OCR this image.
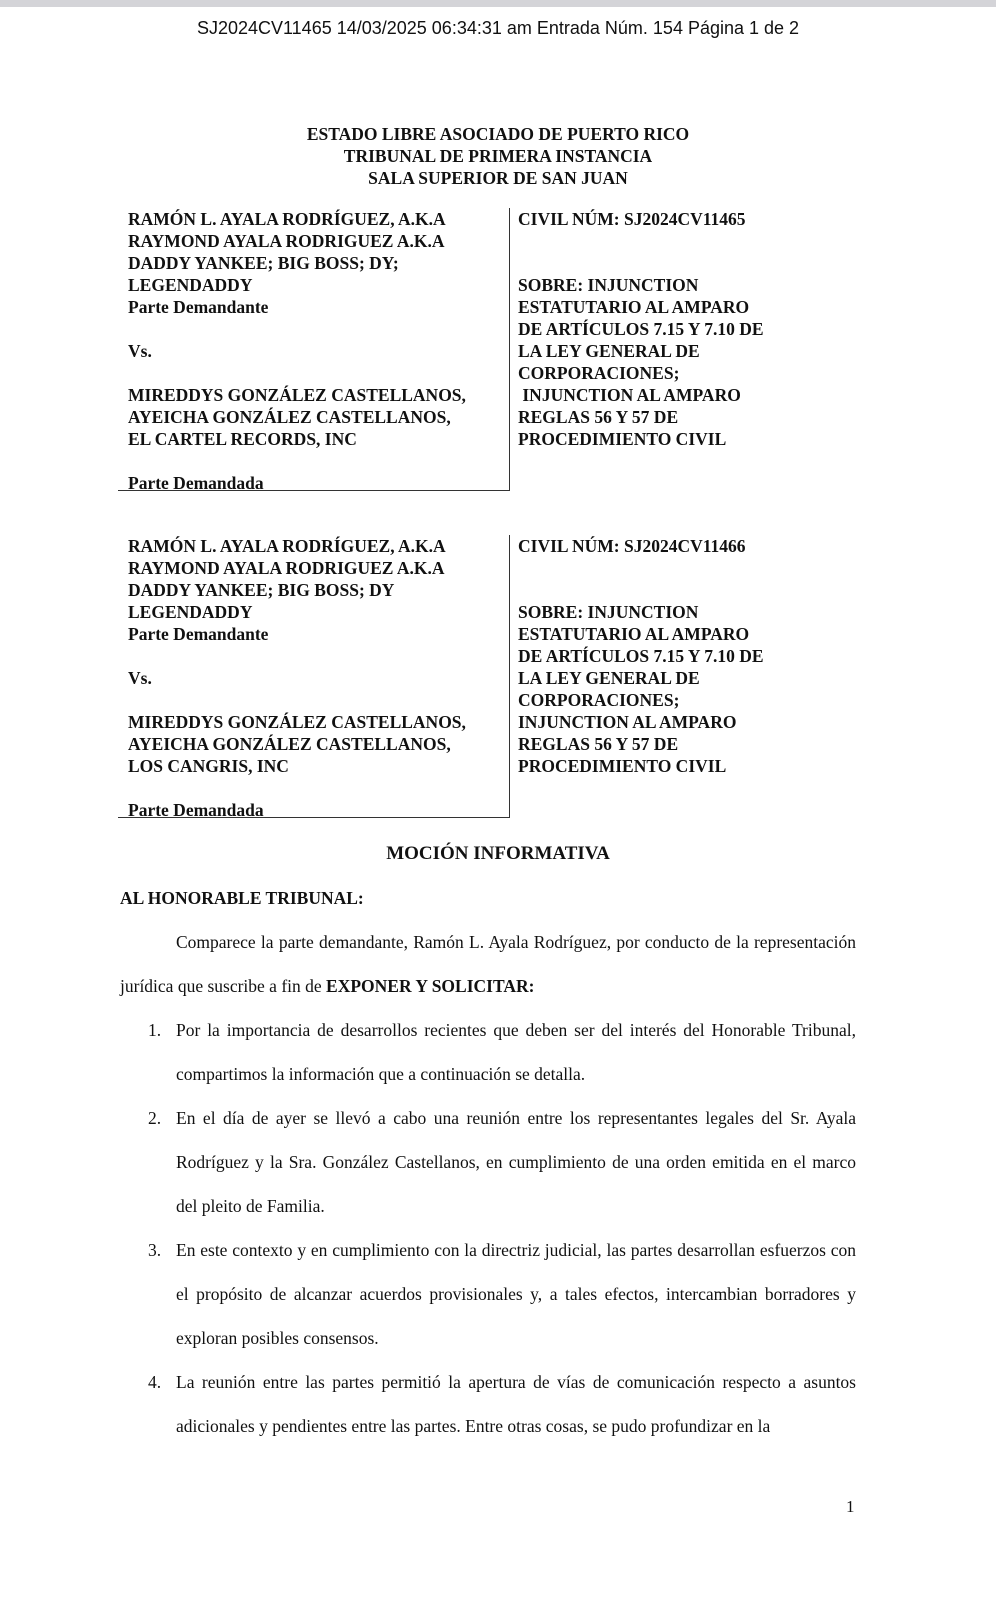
SJ2024CV11465 14/03/2025 06:34:31 am Entrada Núm. 154 Página 1 de 2
ESTADO LIBRE ASOCIADO DE PUERTO RICO
TRIBUNAL DE PRIMERA INSTANCIA
SALA SUPERIOR DE SAN JUAN
RAMÓN L. AYALA RODRÍGUEZ, A.K.A
RAYMOND AYALA RODRIGUEZ A.K.A
DADDY YANKEE; BIG BOSS; DY;
LEGENDADDY
Parte Demandante
Vs.
MIREDDYS GONZÁLEZ CASTELLANOS,
AYEICHA GONZÁLEZ CASTELLANOS,
EL CARTEL RECORDS, INC
Parte Demandada
CIVIL NÚM: SJ2024CV11465
SOBRE: INJUNCTION
ESTATUTARIO AL AMPARO
DE ARTÍCULOS 7.15 Y 7.10 DE
LA LEY GENERAL DE
CORPORACIONES;
INJUNCTION AL AMPARO
REGLAS 56 Y 57 DE
PROCEDIMIENTO CIVIL
RAMÓN L. AYALA RODRÍGUEZ, A.K.A
RAYMOND AYALA RODRIGUEZ A.K.A
DADDY YANKEE; BIG BOSS; DY
LEGENDADDY
Parte Demandante
Vs.
MIREDDYS GONZÁLEZ CASTELLANOS,
AYEICHA GONZÁLEZ CASTELLANOS,
LOS CANGRIS, INC
Parte Demandada
CIVIL NÚM: SJ2024CV11466
SOBRE: INJUNCTION
ESTATUTARIO AL AMPARO
DE ARTÍCULOS 7.15 Y 7.10 DE
LA LEY GENERAL DE
CORPORACIONES;
INJUNCTION AL AMPARO
REGLAS 56 Y 57 DE
PROCEDIMIENTO CIVIL
MOCIÓN INFORMATIVA
AL HONORABLE TRIBUNAL:

Comparece la parte demandante, Ramón L. Ayala Rodríguez, por conducto de la representación jurídica que suscribe a fin de EXPONER Y SOLICITAR:

1. Por la importancia de desarrollos recientes que deben ser del interés del Honorable Tribunal, compartimos la información que a continuación se detalla.
2. En el día de ayer se llevó a cabo una reunión entre los representantes legales del Sr. Ayala Rodríguez y la Sra. González Castellanos, en cumplimiento de una orden emitida en el marco del pleito de Familia.
3. En este contexto y en cumplimiento con la directriz judicial, las partes desarrollan esfuerzos con el propósito de alcanzar acuerdos provisionales y, a tales efectos, intercambian borradores y exploran posibles consensos.
4. La reunión entre las partes permitió la apertura de vías de comunicación respecto a asuntos adicionales y pendientes entre las partes. Entre otras cosas, se pudo profundizar en la
1
